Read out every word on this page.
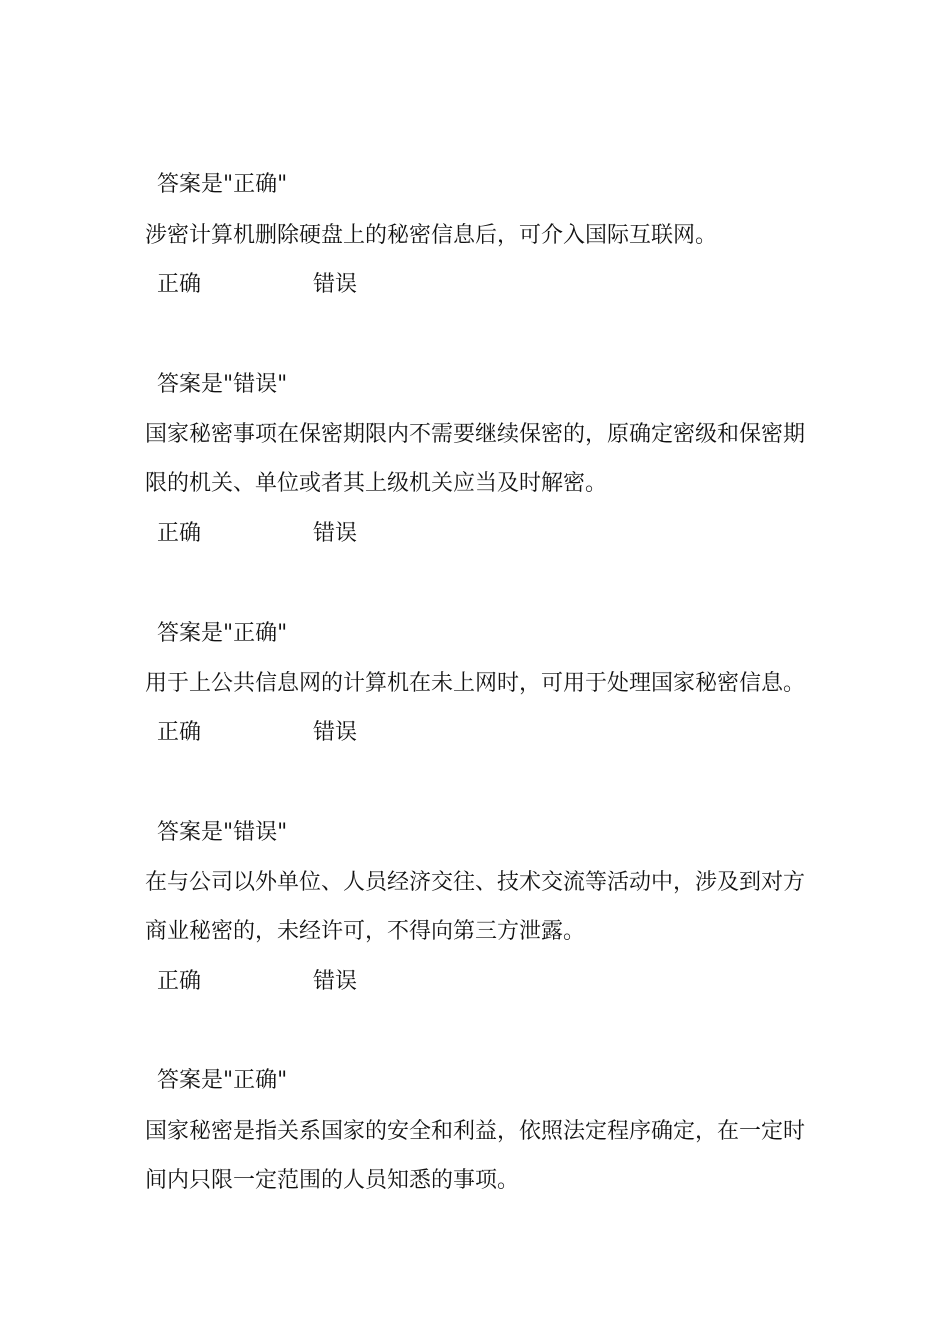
答案是"正确"
涉密计算机删除硬盘上的秘密信息后，可介入国际互联网。
正确	错误
答案是"错误"
国家秘密事项在保密期限内不需要继续保密的，原确定密级和保密期
限的机关、单位或者其上级机关应当及时解密。
正确	错误
答案是"正确"
用于上公共信息网的计算机在未上网时，可用于处理国家秘密信息。
正确	错误
答案是"错误"
在与公司以外单位、人员经济交往、技术交流等活动中，涉及到对方
商业秘密的，未经许可，不得向第三方泄露。
正确	错误
答案是"正确"
国家秘密是指关系国家的安全和利益，依照法定程序确定，在一定时
间内只限一定范围的人员知悉的事项。
